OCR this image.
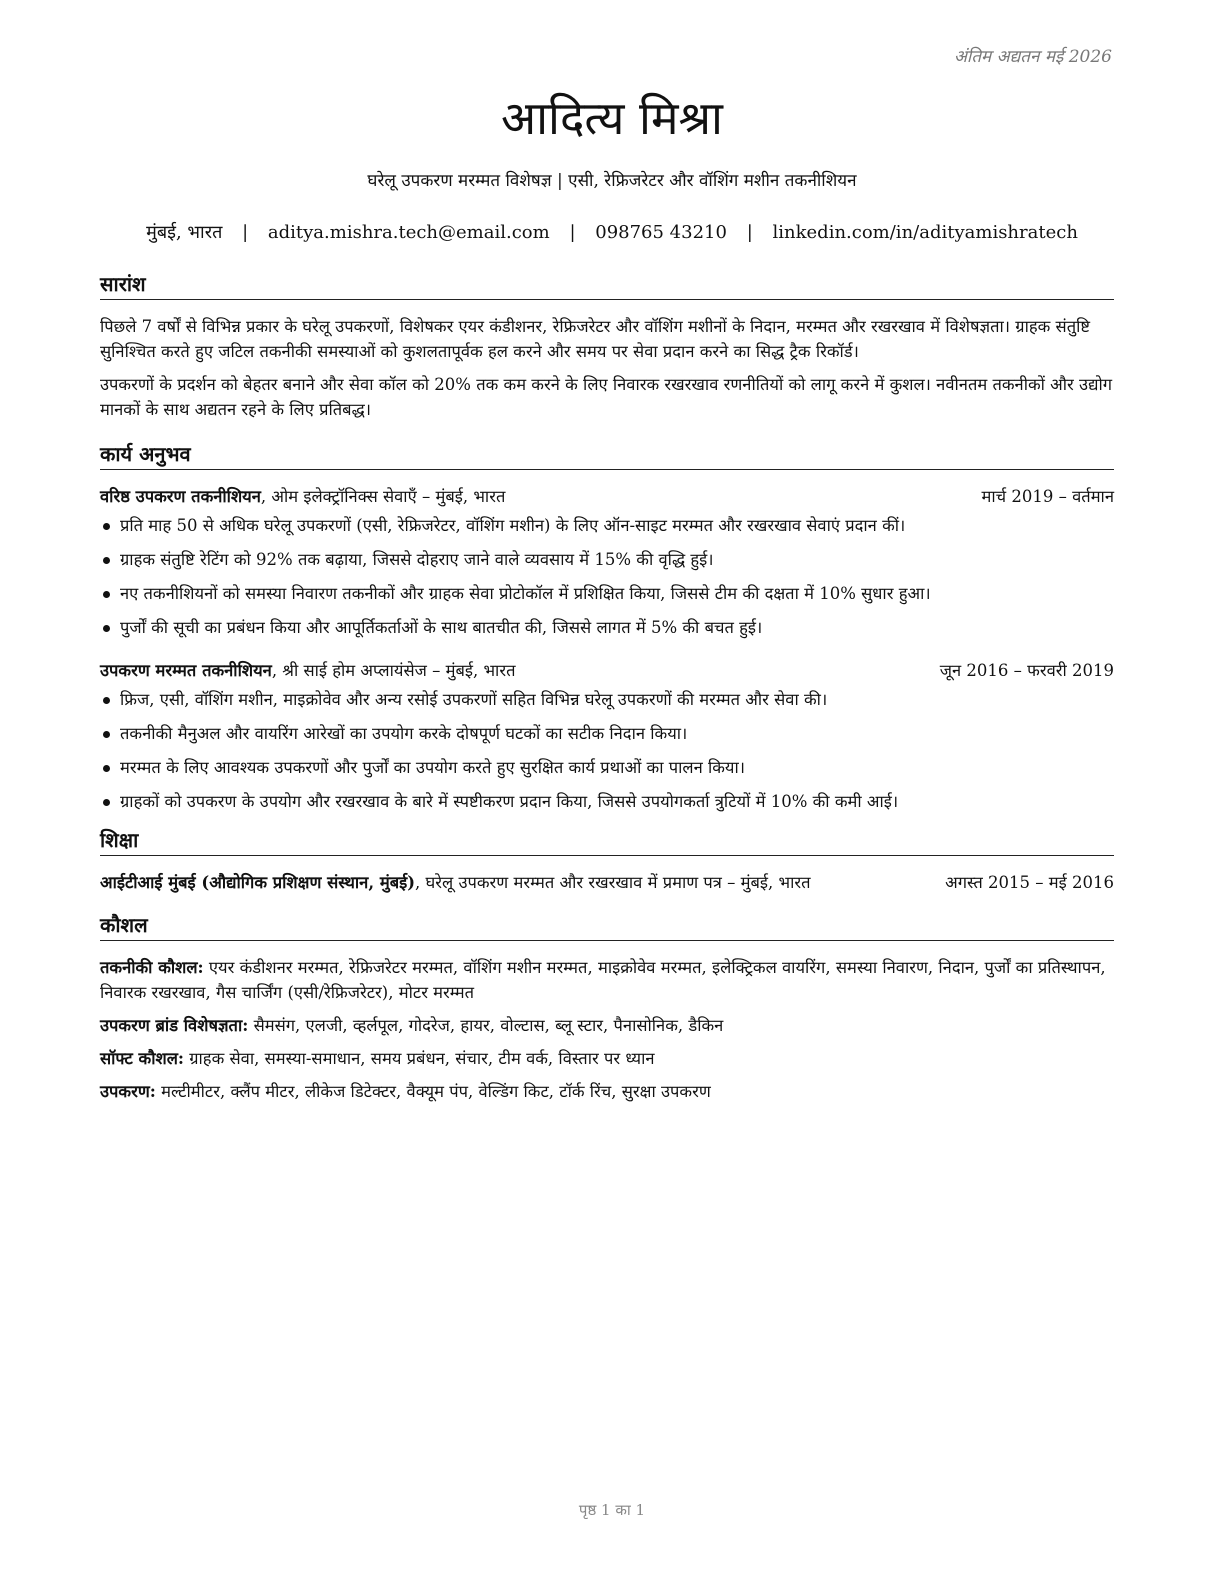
अंतिम अद्यतन मई 2026
आदित्य मिश्रा
घरेलू उपकरण मरम्मत विशेषज्ञ | एसी, रेफ्रिजरेटर और वॉशिंग मशीन तकनीशियन
मुंबई, भारत | aditya.mishra.tech@email.com | 098765 43210 | linkedin.com/in/adityamishratech
सारांश

पिछले 7 वर्षों से विभिन्न प्रकार के घरेलू उपकरणों, विशेषकर एयर कंडीशनर, रेफ्रिजरेटर और वॉशिंग मशीनों के निदान, मरम्मत और रखरखाव में विशेषज्ञता। ग्राहक संतुष्टि सुनिश्चित करते हुए जटिल तकनीकी समस्याओं को कुशलतापूर्वक हल करने और समय पर सेवा प्रदान करने का सिद्ध ट्रैक रिकॉर्ड।

उपकरणों के प्रदर्शन को बेहतर बनाने और सेवा कॉल को 20% तक कम करने के लिए निवारक रखरखाव रणनीतियों को लागू करने में कुशल। नवीनतम तकनीकों और उद्योग मानकों के साथ अद्यतन रहने के लिए प्रतिबद्ध।

कार्य अनुभव
वरिष्ठ उपकरण तकनीशियन, ओम इलेक्ट्रॉनिक्स सेवाएँ – मुंबई, भारत	मार्च 2019 – वर्तमान
प्रति माह 50 से अधिक घरेलू उपकरणों (एसी, रेफ्रिजरेटर, वॉशिंग मशीन) के लिए ऑन-साइट मरम्मत और रखरखाव सेवाएं प्रदान कीं।
ग्राहक संतुष्टि रेटिंग को 92% तक बढ़ाया, जिससे दोहराए जाने वाले व्यवसाय में 15% की वृद्धि हुई।
नए तकनीशियनों को समस्या निवारण तकनीकों और ग्राहक सेवा प्रोटोकॉल में प्रशिक्षित किया, जिससे टीम की दक्षता में 10% सुधार हुआ।
पुर्जों की सूची का प्रबंधन किया और आपूर्तिकर्ताओं के साथ बातचीत की, जिससे लागत में 5% की बचत हुई।
उपकरण मरम्मत तकनीशियन, श्री साई होम अप्लायंसेज – मुंबई, भारत	जून 2016 – फरवरी 2019
फ्रिज, एसी, वॉशिंग मशीन, माइक्रोवेव और अन्य रसोई उपकरणों सहित विभिन्न घरेलू उपकरणों की मरम्मत और सेवा की।
तकनीकी मैनुअल और वायरिंग आरेखों का उपयोग करके दोषपूर्ण घटकों का सटीक निदान किया।
मरम्मत के लिए आवश्यक उपकरणों और पुर्जों का उपयोग करते हुए सुरक्षित कार्य प्रथाओं का पालन किया।
ग्राहकों को उपकरण के उपयोग और रखरखाव के बारे में स्पष्टीकरण प्रदान किया, जिससे उपयोगकर्ता त्रुटियों में 10% की कमी आई।
शिक्षा
आईटीआई मुंबई (औद्योगिक प्रशिक्षण संस्थान, मुंबई), घरेलू उपकरण मरम्मत और रखरखाव में प्रमाण पत्र – मुंबई, भारत	अगस्त 2015 – मई 2016
कौशल

तकनीकी कौशल: एयर कंडीशनर मरम्मत, रेफ्रिजरेटर मरम्मत, वॉशिंग मशीन मरम्मत, माइक्रोवेव मरम्मत, इलेक्ट्रिकल वायरिंग, समस्या निवारण, निदान, पुर्जों का प्रतिस्थापन, निवारक रखरखाव, गैस चार्जिंग (एसी/रेफ्रिजरेटर), मोटर मरम्मत

उपकरण ब्रांड विशेषज्ञता: सैमसंग, एलजी, व्हर्लपूल, गोदरेज, हायर, वोल्टास, ब्लू स्टार, पैनासोनिक, डैकिन

सॉफ्ट कौशल: ग्राहक सेवा, समस्या-समाधान, समय प्रबंधन, संचार, टीम वर्क, विस्तार पर ध्यान

उपकरण: मल्टीमीटर, क्लैंप मीटर, लीकेज डिटेक्टर, वैक्यूम पंप, वेल्डिंग किट, टॉर्क रिंच, सुरक्षा उपकरण

पृष्ठ 1 का 1
